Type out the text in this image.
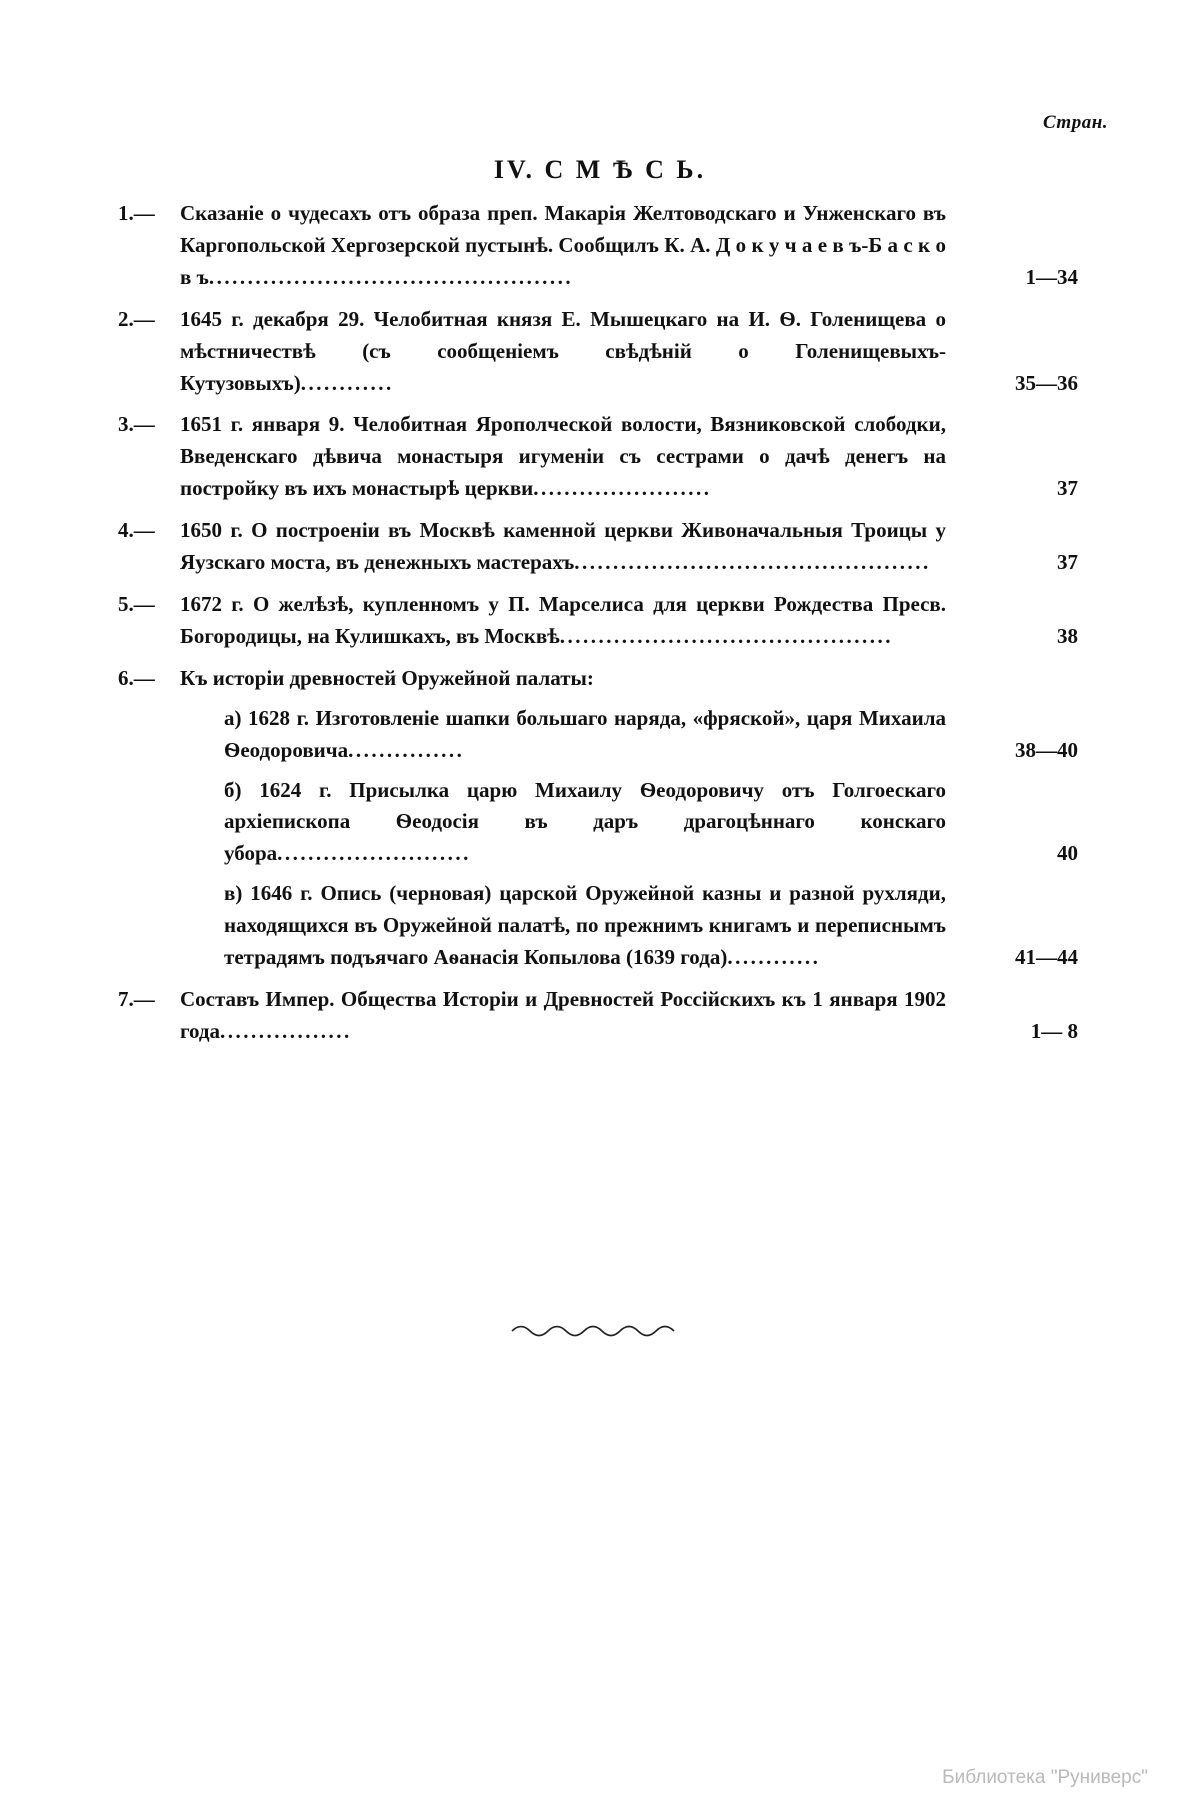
Стран.
IV. С М Ѣ С Ь.
1.—	Сказаніе о чудесахъ отъ образа преп. Макарія Желтоводскаго и Унженскаго въ Каргопольской Хергозерской пустынѣ. Сообщилъ К. А. Д о к у ч а е в ъ-Б а с к о в ъ...............................................	1—34
2.—	1645 г. декабря 29. Челобитная князя Е. Мышецкаго на И. Ѳ. Голенищева о мѣстничествѣ (съ сообщеніемъ свѣдѣній о Голенищевыхъ-Кутузовыхъ)............	35—36
3.—	1651 г. января 9. Челобитная Ярополческой волости, Вязниковской слободки, Введенскаго дѣвича монастыря игуменіи съ сестрами о дачѣ денегъ на постройку въ ихъ монастырѣ церкви.......................	37
4.—	1650 г. О построеніи въ Москвѣ каменной церкви Живоначальныя Троицы у Яузскаго моста, въ денежныхъ мастерахъ..............................................	37
5.—	1672 г. О желѣзѣ, купленномъ у П. Марселиса для церкви Рождества Пресв. Богородицы, на Кулишкахъ, въ Москвѣ...........................................	38
6.—	Къ исторіи древностей Оружейной палаты:
а) 1628 г. Изготовленіе шапки большаго наряда, «фряской», царя Михаила Ѳеодоровича...............	38—40
б) 1624 г. Присылка царю Михаилу Ѳеодоровичу отъ Голгоескаго архіепископа Ѳеодосія въ даръ драгоцѣннаго конскаго убора.........................	40
в) 1646 г. Опись (черновая) царской Оружейной казны и разной рухляди, находящихся въ Оружейной палатѣ, по прежнимъ книгамъ и переписнымъ тетрадямъ подъячаго Аѳанасія Копылова (1639 года)............	41—44
7.—	Составъ Импер. Общества Исторіи и Древностей Россійскихъ къ 1 января 1902 года.................	1— 8
Библиотека "Руниверс"
